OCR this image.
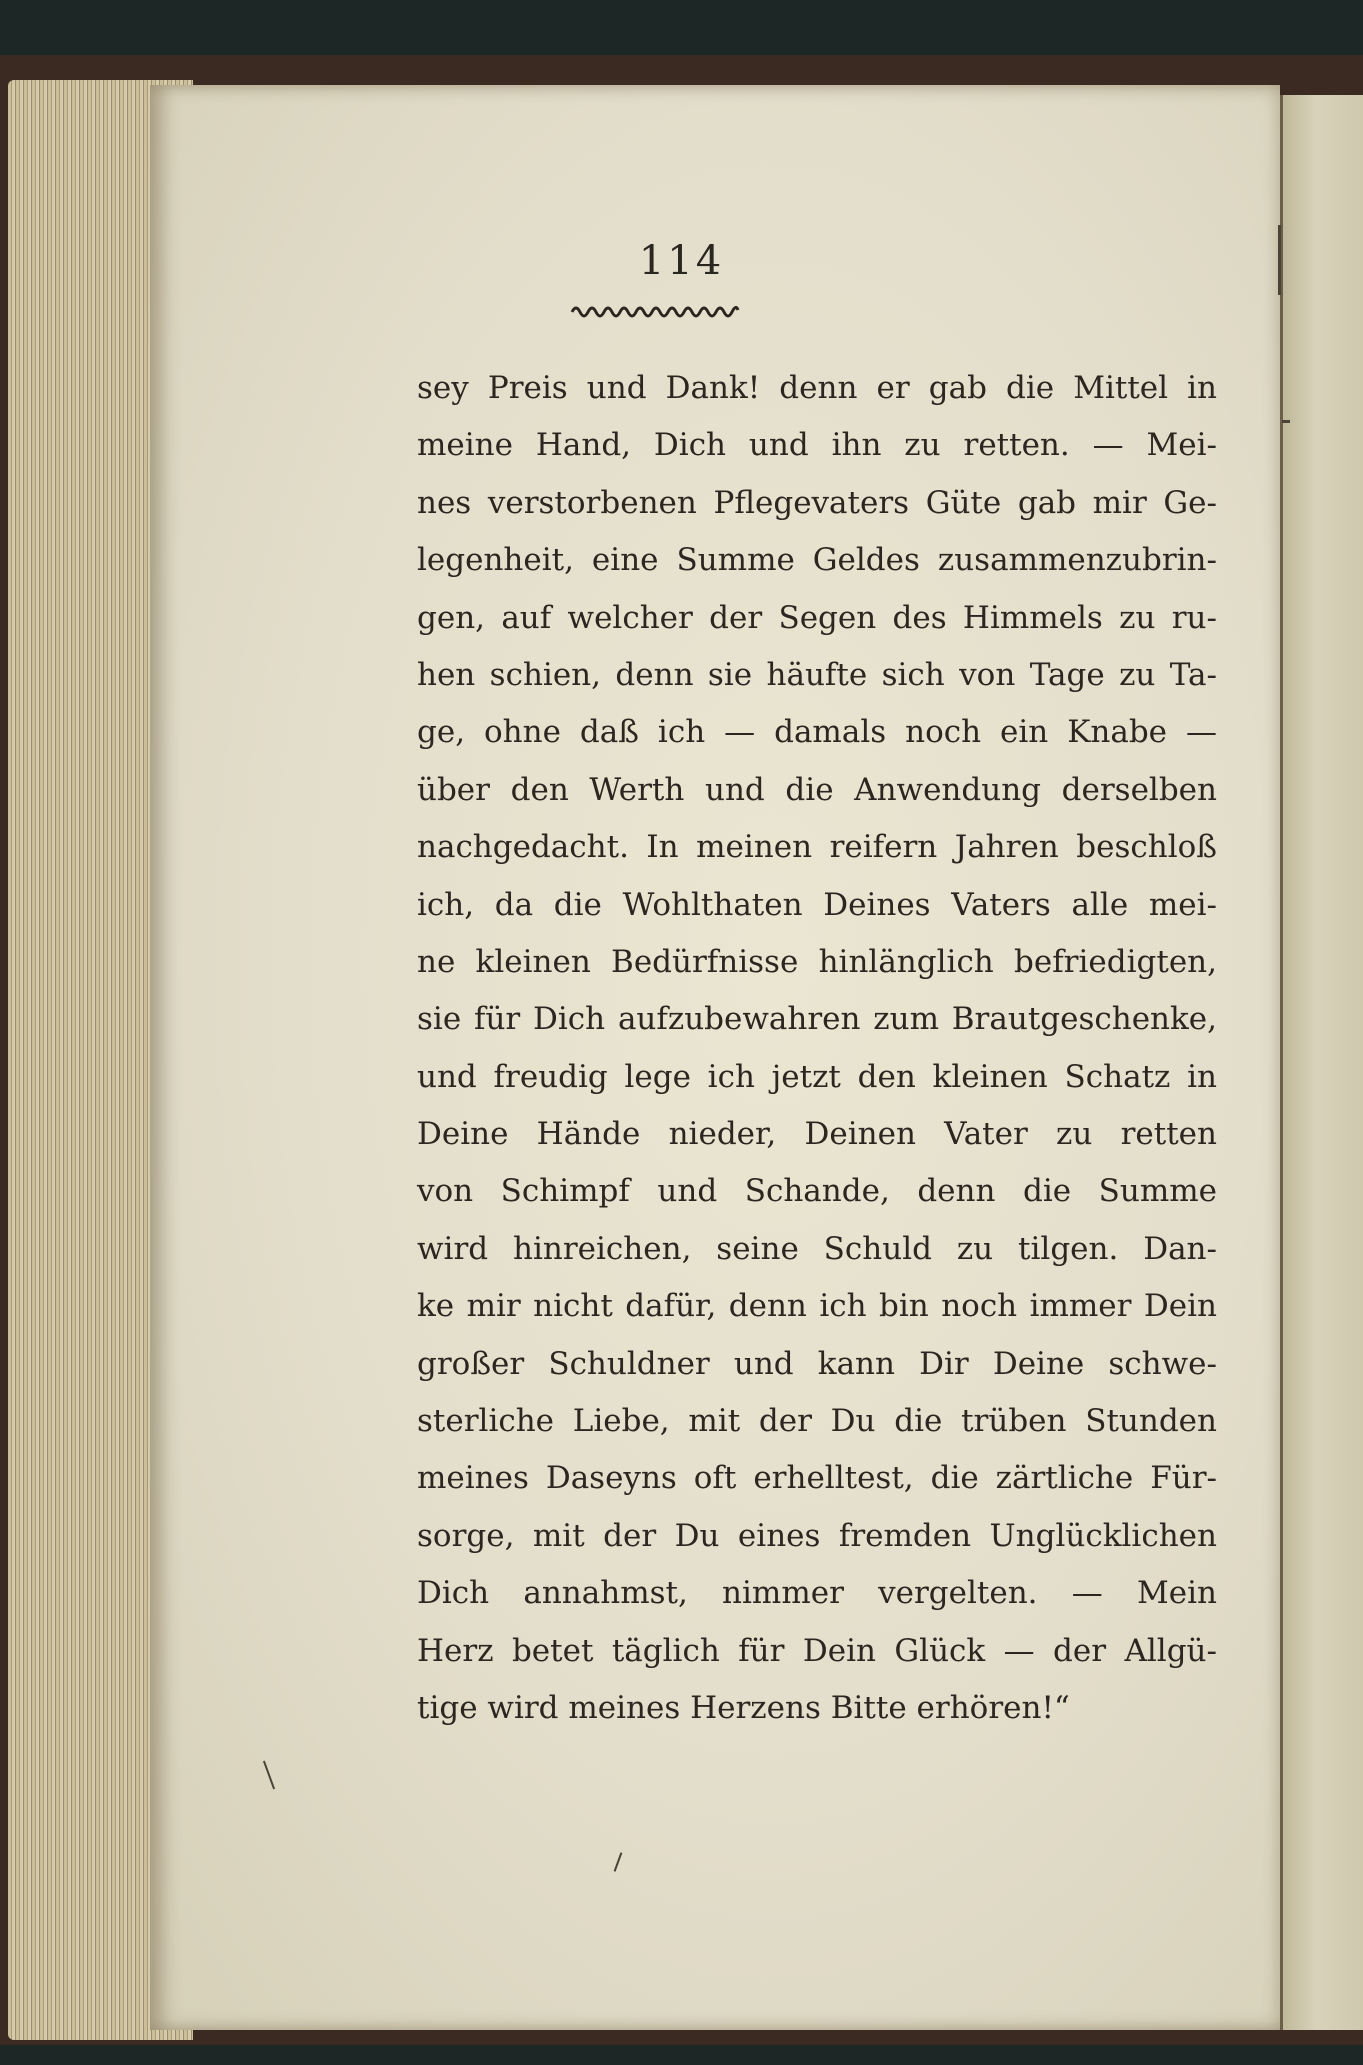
114
sey Preis und Dank! denn er gab die Mittel in
meine Hand, Dich und ihn zu retten. — Mei-
nes verstorbenen Pflegevaters Güte gab mir Ge-
legenheit, eine Summe Geldes zusammenzubrin-
gen, auf welcher der Segen des Himmels zu ru-
hen schien, denn sie häufte sich von Tage zu Ta-
ge, ohne daß ich — damals noch ein Knabe —
über den Werth und die Anwendung derselben
nachgedacht. In meinen reifern Jahren beschloß
ich, da die Wohlthaten Deines Vaters alle mei-
ne kleinen Bedürfnisse hinlänglich befriedigten,
sie für Dich aufzubewahren zum Brautgeschenke,
und freudig lege ich jetzt den kleinen Schatz in
Deine Hände nieder, Deinen Vater zu retten
von Schimpf und Schande, denn die Summe
wird hinreichen, seine Schuld zu tilgen. Dan-
ke mir nicht dafür, denn ich bin noch immer Dein
großer Schuldner und kann Dir Deine schwe-
sterliche Liebe, mit der Du die trüben Stunden
meines Daseyns oft erhelltest, die zärtliche Für-
sorge, mit der Du eines fremden Unglücklichen
Dich annahmst, nimmer vergelten. — Mein
Herz betet täglich für Dein Glück — der Allgü-
tige wird meines Herzens Bitte erhören!“
